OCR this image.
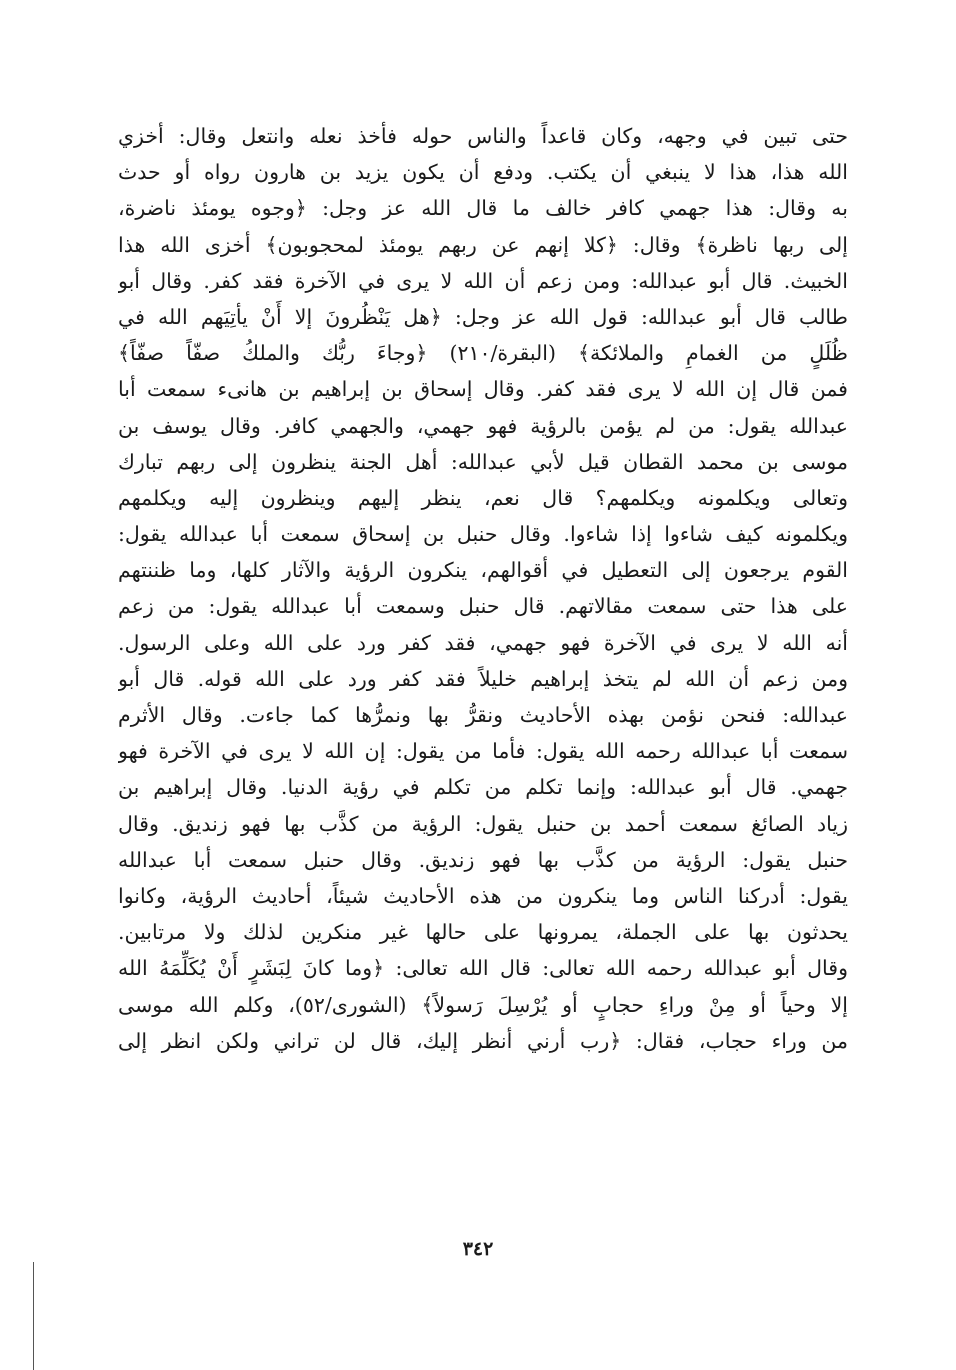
حتى تبين في وجهه، وكان قاعداً والناس حوله فأخذ نعله وانتعل وقال: أخزي
الله هذا، هذا لا ينبغي أن يكتب. ودفع أن يكون يزيد بن هارون رواه أو حدث
به وقال: هذا جهمي كافر خالف ما قال الله عز وجل: ﴿وجوه يومئذ ناضرة،
إلى ربها ناظرة﴾ وقال: ﴿كلا إنهم عن ربهم يومئذ لمحجوبون﴾ أخزى الله هذا
الخبيث. قال أبو عبدالله: ومن زعم أن الله لا يرى في الآخرة فقد كفر. وقال أبو
طالب قال أبو عبدالله: قول الله عز وجل: ﴿هل يَنْظُرونَ إلا أَنْ يأتِيَهم الله في
ظُلَلٍ من الغمامِ والملائكة﴾ (البقرة/٢١٠) ﴿وجاءَ ربُّك والملكُ صفّاً صفّاً﴾
فمن قال إن الله لا يرى فقد كفر. وقال إسحاق بن إبراهيم بن هانىء سمعت أبا
عبدالله يقول: من لم يؤمن بالرؤية فهو جهمي، والجهمي كافر. وقال يوسف بن
موسى بن محمد القطان قيل لأبي عبدالله: أهل الجنة ينظرون إلى ربهم تبارك
وتعالى ويكلمونه ويكلمهم؟ قال نعم، ينظر إليهم وينظرون إليه ويكلمهم
ويكلمونه كيف شاءوا إذا شاءوا. وقال حنبل بن إسحاق سمعت أبا عبدالله يقول:
القوم يرجعون إلى التعطيل في أقوالهم، ينكرون الرؤية والآثار كلها، وما ظننتهم
على هذا حتى سمعت مقالاتهم. قال حنبل وسمعت أبا عبدالله يقول: من زعم
أنه الله لا يرى في الآخرة فهو جهمي، فقد كفر ورد على الله وعلى الرسول.
ومن زعم أن الله لم يتخذ إبراهيم خليلاً فقد كفر ورد على الله قوله. قال أبو
عبدالله: فنحن نؤمن بهذه الأحاديث ونقرُّ بها ونمرُّها كما جاءت. وقال الأثرم
سمعت أبا عبدالله رحمه الله يقول: فأما من يقول: إن الله لا يرى في الآخرة فهو
جهمي. قال أبو عبدالله: وإنما تكلم من تكلم في رؤية الدنيا. وقال إبراهيم بن
زياد الصائغ سمعت أحمد بن حنبل يقول: الرؤية من كذَّب بها فهو زنديق. وقال
حنبل يقول: الرؤية من كذَّب بها فهو زنديق. وقال حنبل سمعت أبا عبدالله
يقول: أدركنا الناس وما ينكرون من هذه الأحاديث شيئاً، أحاديث الرؤية، وكانوا
يحدثون بها على الجملة، يمرونها على حالها غير منكرين لذلك ولا مرتابين.
وقال أبو عبدالله رحمه الله تعالى: قال الله تعالى: ﴿وما كانَ لِبَشَرٍ أَنْ يُكَلِّمَهُ الله
إلا وحياً أو مِنْ وراءِ حجابٍ أو يُرْسِلَ رَسولاً﴾ (الشورى/٥٢)، وكلم الله موسى
من وراء حجاب، فقال: ﴿رب أرني أنظر إليك، قال لن تراني ولكن انظر إلى
٣٤٢
